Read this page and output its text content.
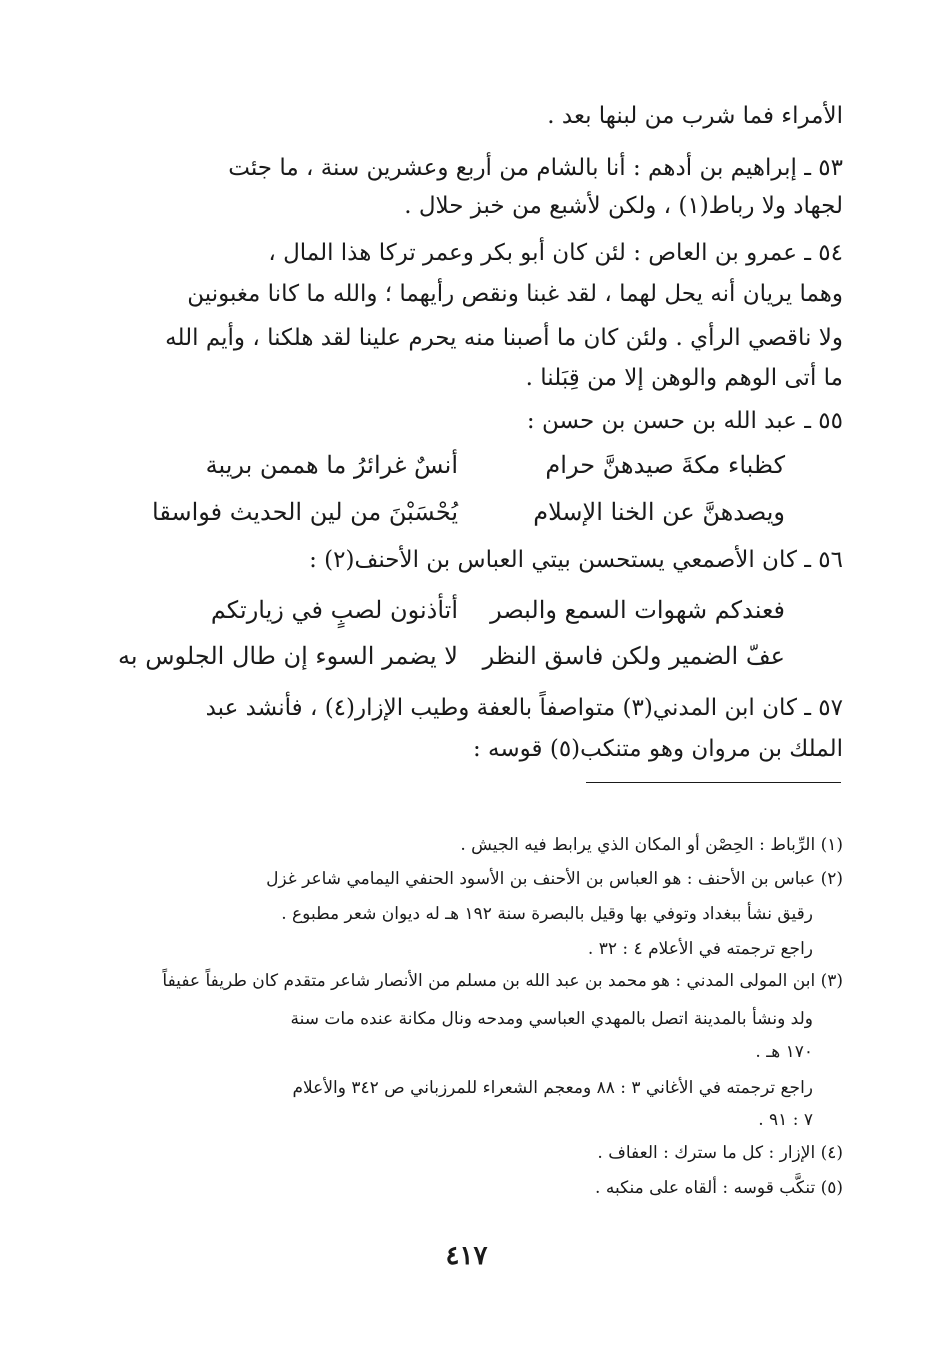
الأمراء فما شرب من لبنها بعد .
٥٣ ـ إبراهيم بن أدهم : أنا بالشام من أربع وعشرين سنة ، ما جئت
لجهاد ولا رباط(١) ، ولكن لأشبع من خبز حلال .
٥٤ ـ عمرو بن العاص : لئن كان أبو بكر وعمر تركا هذا المال ،
وهما يريان أنه يحل لهما ، لقد غبنا ونقص رأيهما ؛ والله ما كانا مغبونين
ولا ناقصي الرأي . ولئن كان ما أصبنا منه يحرم علينا لقد هلكنا ، وأيم الله
ما أتى الوهم والوهن إلا من قِبَلنا .
٥٥ ـ عبد الله بن حسن بن حسن :
أنسٌ غرائرُ ما هممن بريبة	كظباء مكةَ صيدهنَّ حرام
يُحْسَبْنَ من لين الحديث فواسقا	ويصدهنَّ عن الخنا الإسلام
٥٦ ـ كان الأصمعي يستحسن بيتي العباس بن الأحنف(٢) :
أتأذنون لصبٍ في زيارتكم فعندكم شهوات السمع والبصر
لا يضمر السوء إن طال الجلوس به عفّ الضمير ولكن فاسق النظر
٥٧ ـ كان ابن المدني(٣) متواصفاً بالعفة وطيب الإزار(٤) ، فأنشد عبد
الملك بن مروان وهو متنكب(٥) قوسه :
(١) الرِّباط : الحِصْن أو المكان الذي يرابط فيه الجيش .
(٢) عباس بن الأحنف : هو العباس بن الأحنف بن الأسود الحنفي اليمامي شاعر غزل
رقيق نشأ ببغداد وتوفي بها وقيل بالبصرة سنة ١٩٢ هـ له ديوان شعر مطبوع .
راجع ترجمته في الأعلام ٤ : ٣٢ .
(٣) ابن المولى المدني : هو محمد بن عبد الله بن مسلم من الأنصار شاعر متقدم كان طريفاً عفيفاً
ولد ونشأ بالمدينة اتصل بالمهدي العباسي ومدحه ونال مكانة عنده مات سنة
١٧٠ هـ .
راجع ترجمته في الأغاني ٣ : ٨٨ ومعجم الشعراء للمرزباني ص ٣٤٢ والأعلام
٧ : ٩١ .
(٤) الإزار : كل ما سترك : العفاف .
(٥) تنكَّب قوسه : ألقاه على منكبه .
٤١٧
